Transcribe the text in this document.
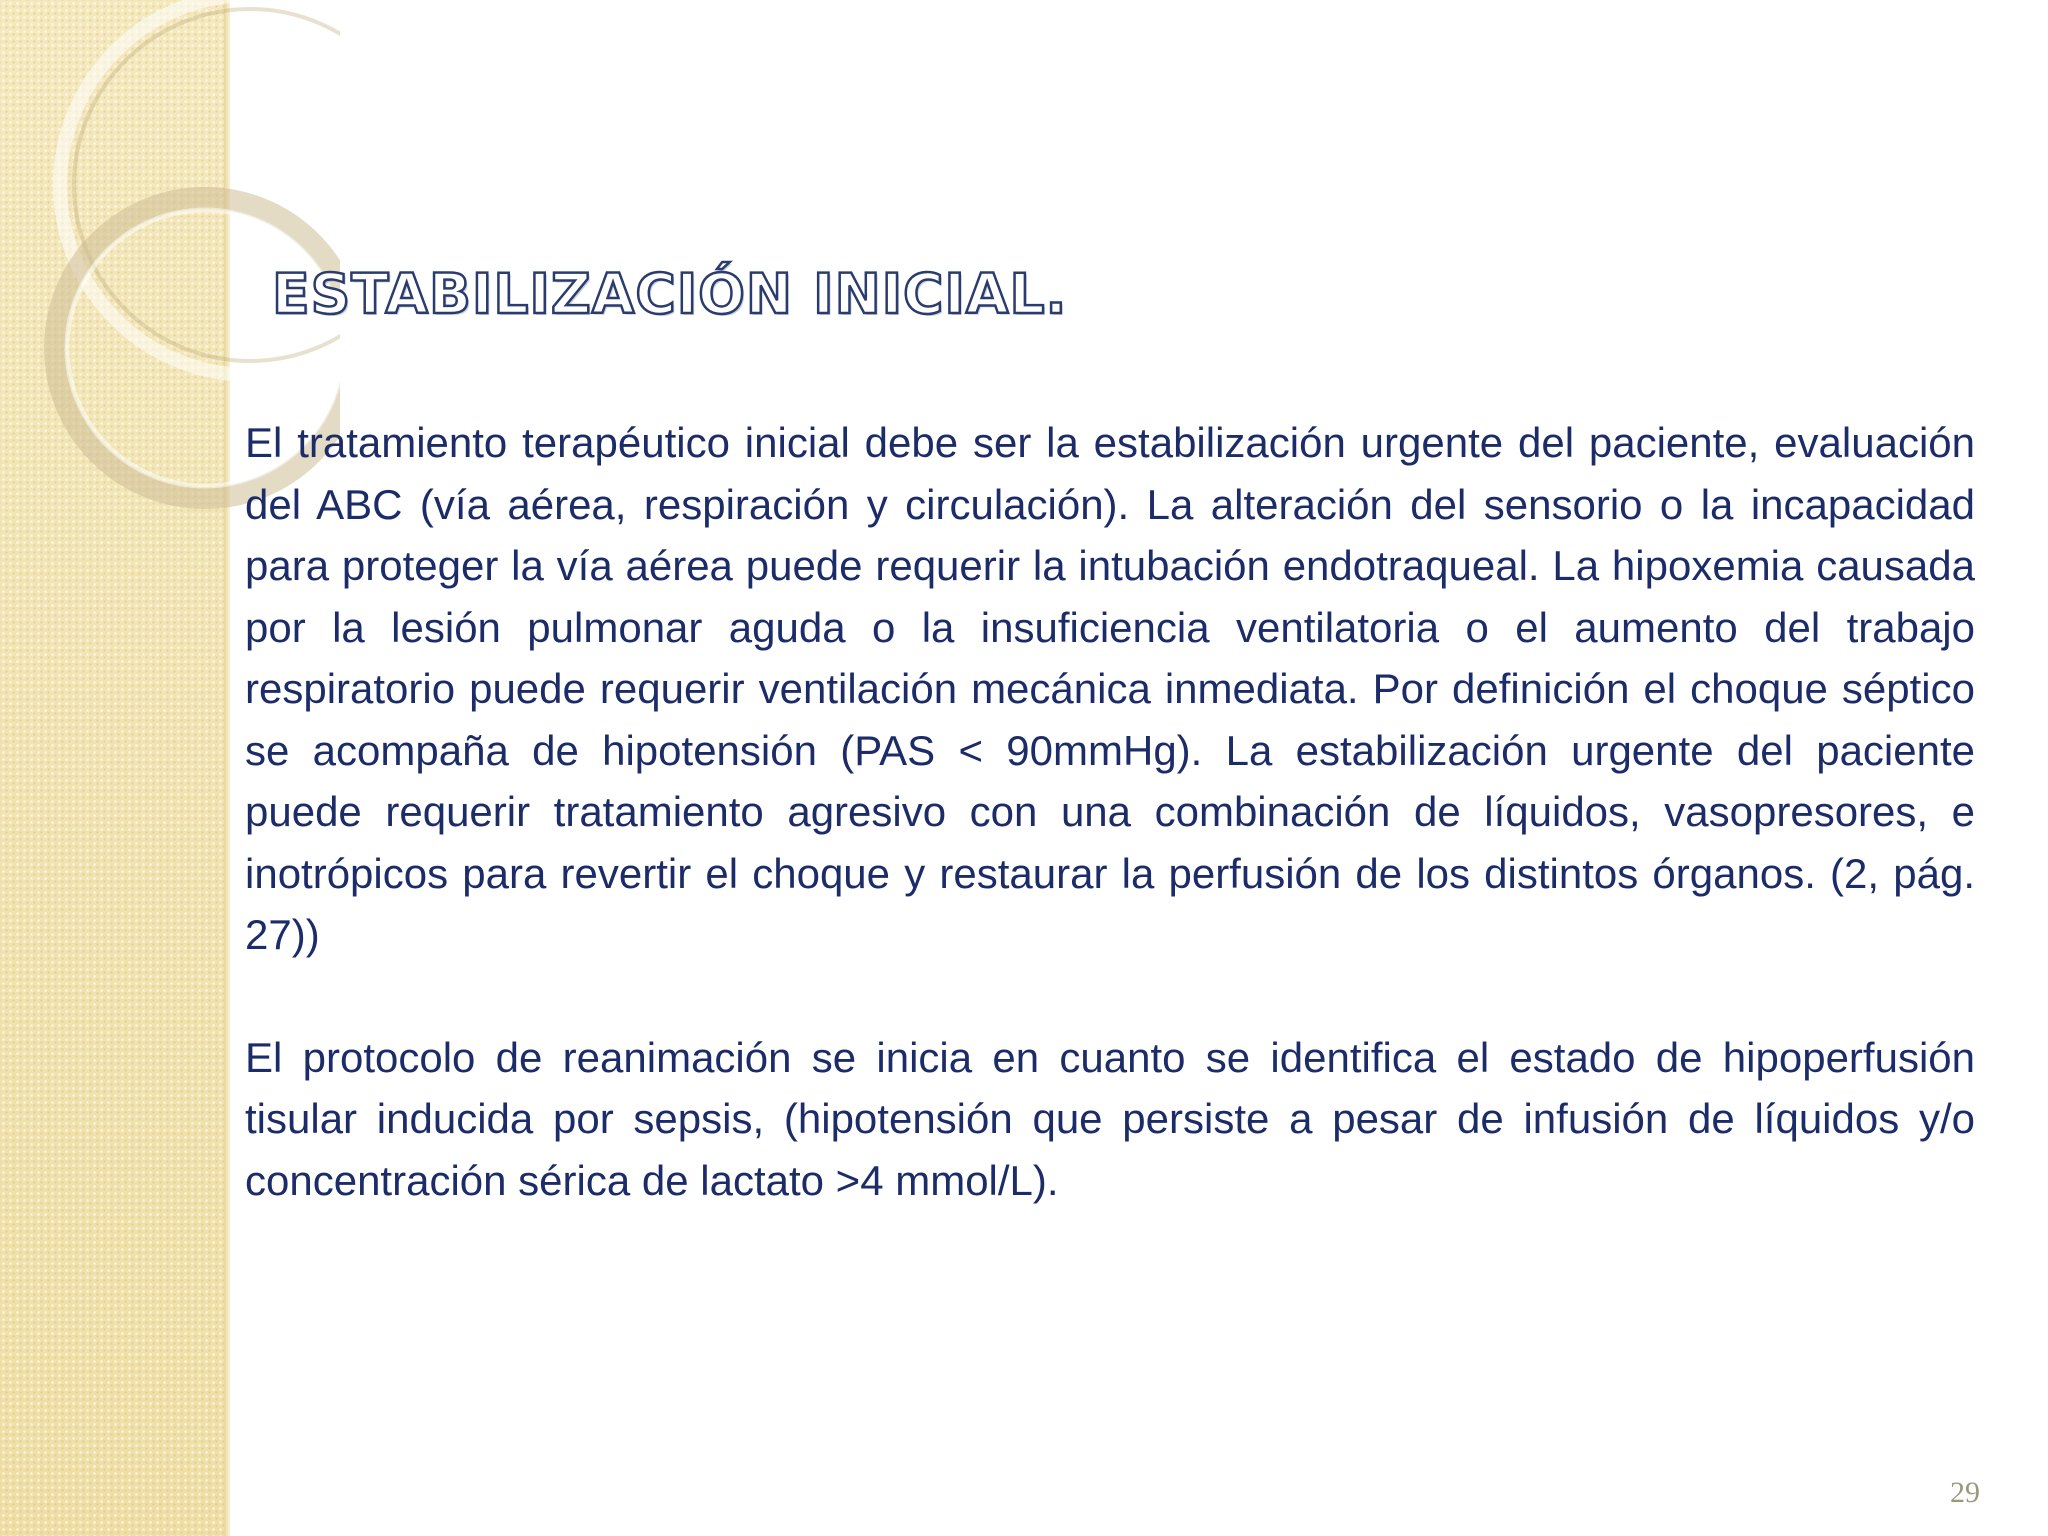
ESTABILIZACIÓN INICIAL.

El tratamiento terapéutico inicial debe ser la estabilización urgente del paciente, evaluación del ABC (vía aérea, respiración y circulación). La alteración del sensorio o la incapacidad para proteger la vía aérea puede requerir la intubación endotraqueal. La hipoxemia causada por la lesión pulmonar aguda o la insuficiencia ventilatoria o el aumento del trabajo respiratorio puede requerir ventilación mecánica inmediata. Por definición el choque séptico se acompaña de hipotensión (PAS < 90mmHg). La estabilización urgente del paciente puede requerir tratamiento agresivo con una combinación de líquidos, vasopresores, e inotrópicos para revertir el choque y restaurar la perfusión de los distintos órganos. (2, pág. 27))

El protocolo de reanimación se inicia en cuanto se identifica el estado de hipoperfusión tisular inducida por sepsis, (hipotensión que persiste a pesar de infusión de líquidos y/o concentración sérica de lactato >4 mmol/L).

29
